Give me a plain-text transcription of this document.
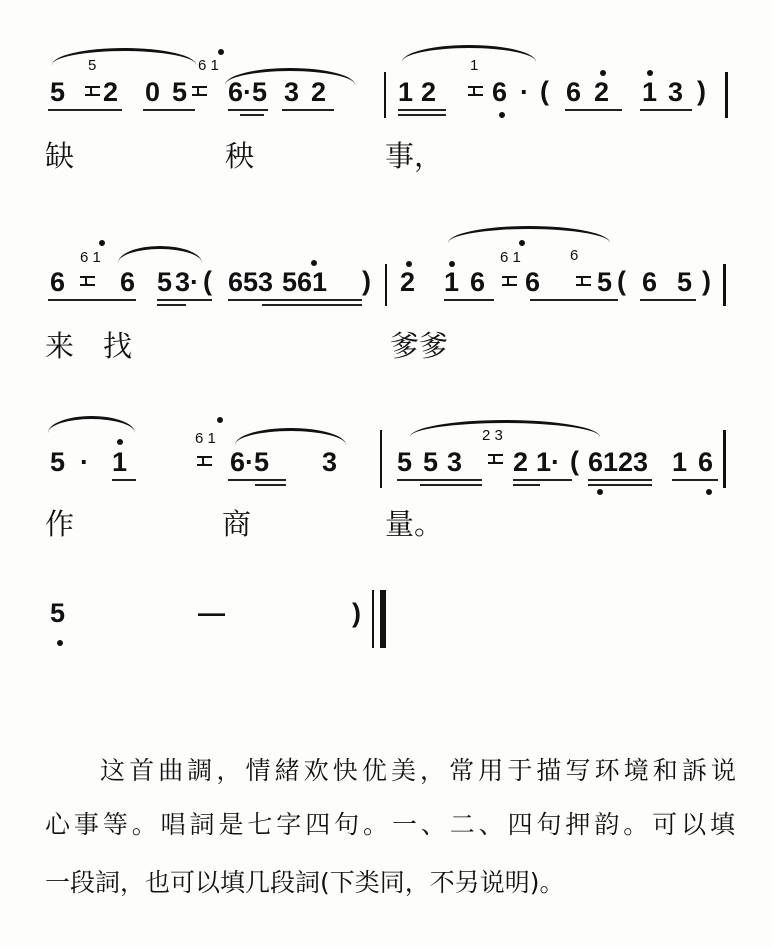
5 2 0 5 6·5 3 2	1 2 6 · ( 6 2 1 3 )
6 6 5 3· ( 653 561 ) 2 1 6 6 5 ( 6 5 )
5 · 1	6·5 3 5 5 3 2 1· ( 6123 1 6
5	—	)
5	6 1	1
6 1	6 1	6
6 1	2 3
缺	秧	事，
来 找	爹爹
作	商	量。
这首曲調，情緒欢快优美，常用于描写环境和訴说
心事等。唱詞是七字四句。一、二、四句押韵。可以填
一段詞，也可以填几段詞(下类同，不另说明)。
